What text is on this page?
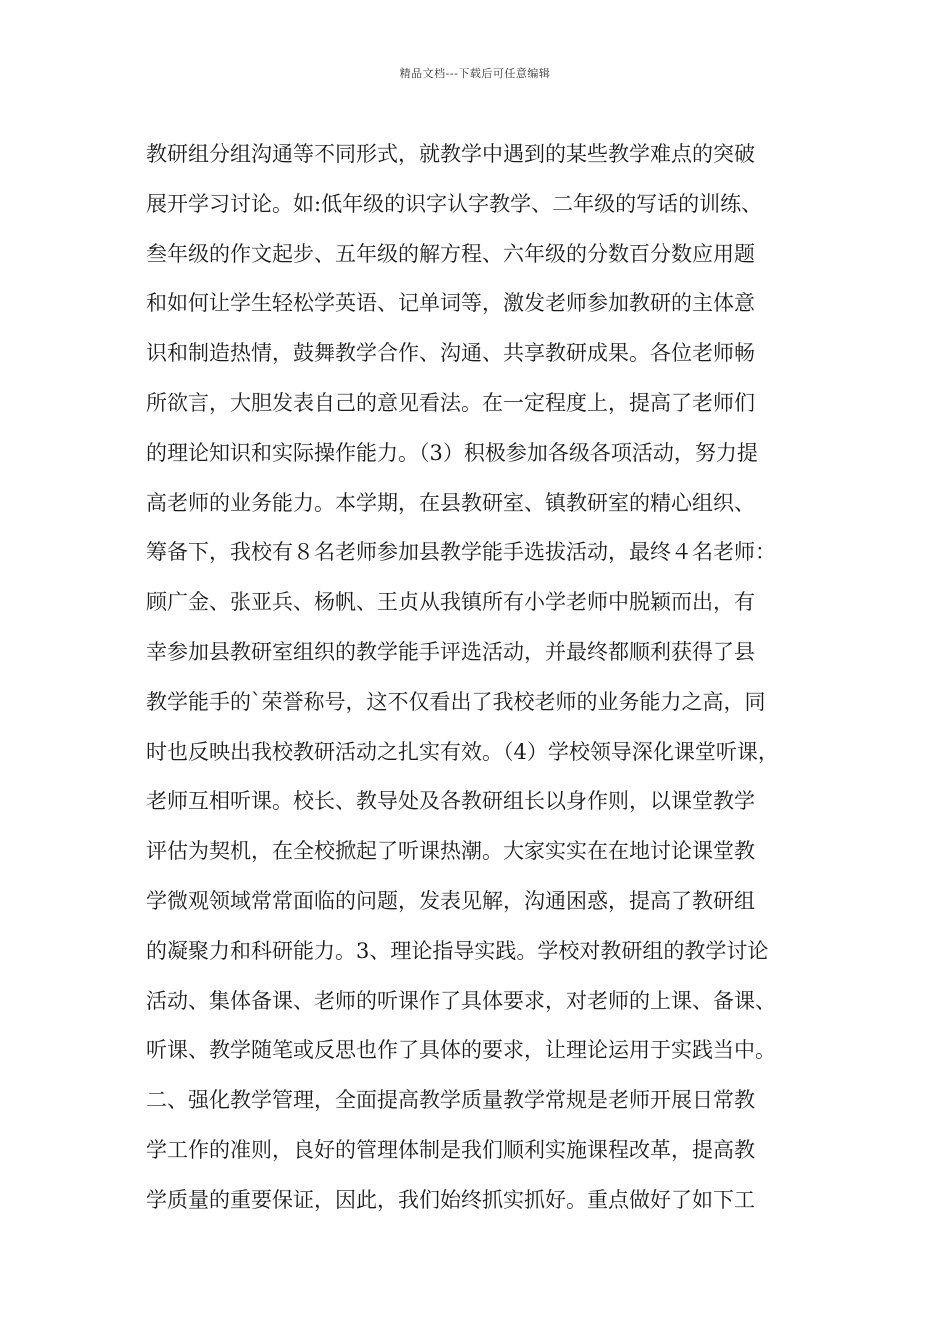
精品文档---下载后可任意编辑
教研组分组沟通等不同形式，就教学中遇到的某些教学难点的突破
展开学习讨论。如:低年级的识字认字教学、二年级的写话的训练、
叁年级的作文起步、五年级的解方程、六年级的分数百分数应用题
和如何让学生轻松学英语、记单词等，激发老师参加教研的主体意
识和制造热情，鼓舞教学合作、沟通、共享教研成果。各位老师畅
所欲言，大胆发表自己的意见看法。在一定程度上，提高了老师们
的理论知识和实际操作能力。（3）积极参加各级各项活动，努力提
高老师的业务能力。本学期，在县教研室、镇教研室的精心组织、
筹备下，我校有８名老师参加县教学能手选拔活动，最终４名老师：
顾广金、张亚兵、杨帆、王贞从我镇所有小学老师中脱颖而出，有
幸参加县教研室组织的教学能手评选活动，并最终都顺利获得了县
教学能手的`荣誉称号，这不仅看出了我校老师的业务能力之高，同
时也反映出我校教研活动之扎实有效。（4）学校领导深化课堂听课，
老师互相听课。校长、教导处及各教研组长以身作则，以课堂教学
评估为契机，在全校掀起了听课热潮。大家实实在在地讨论课堂教
学微观领域常常面临的问题，发表见解，沟通困惑，提高了教研组
的凝聚力和科研能力。3、理论指导实践。学校对教研组的教学讨论
活动、集体备课、老师的听课作了具体要求，对老师的上课、备课、
听课、教学随笔或反思也作了具体的要求，让理论运用于实践当中。
二、强化教学管理，全面提高教学质量教学常规是老师开展日常教
学工作的准则，良好的管理体制是我们顺利实施课程改革，提高教
学质量的重要保证，因此，我们始终抓实抓好。重点做好了如下工
